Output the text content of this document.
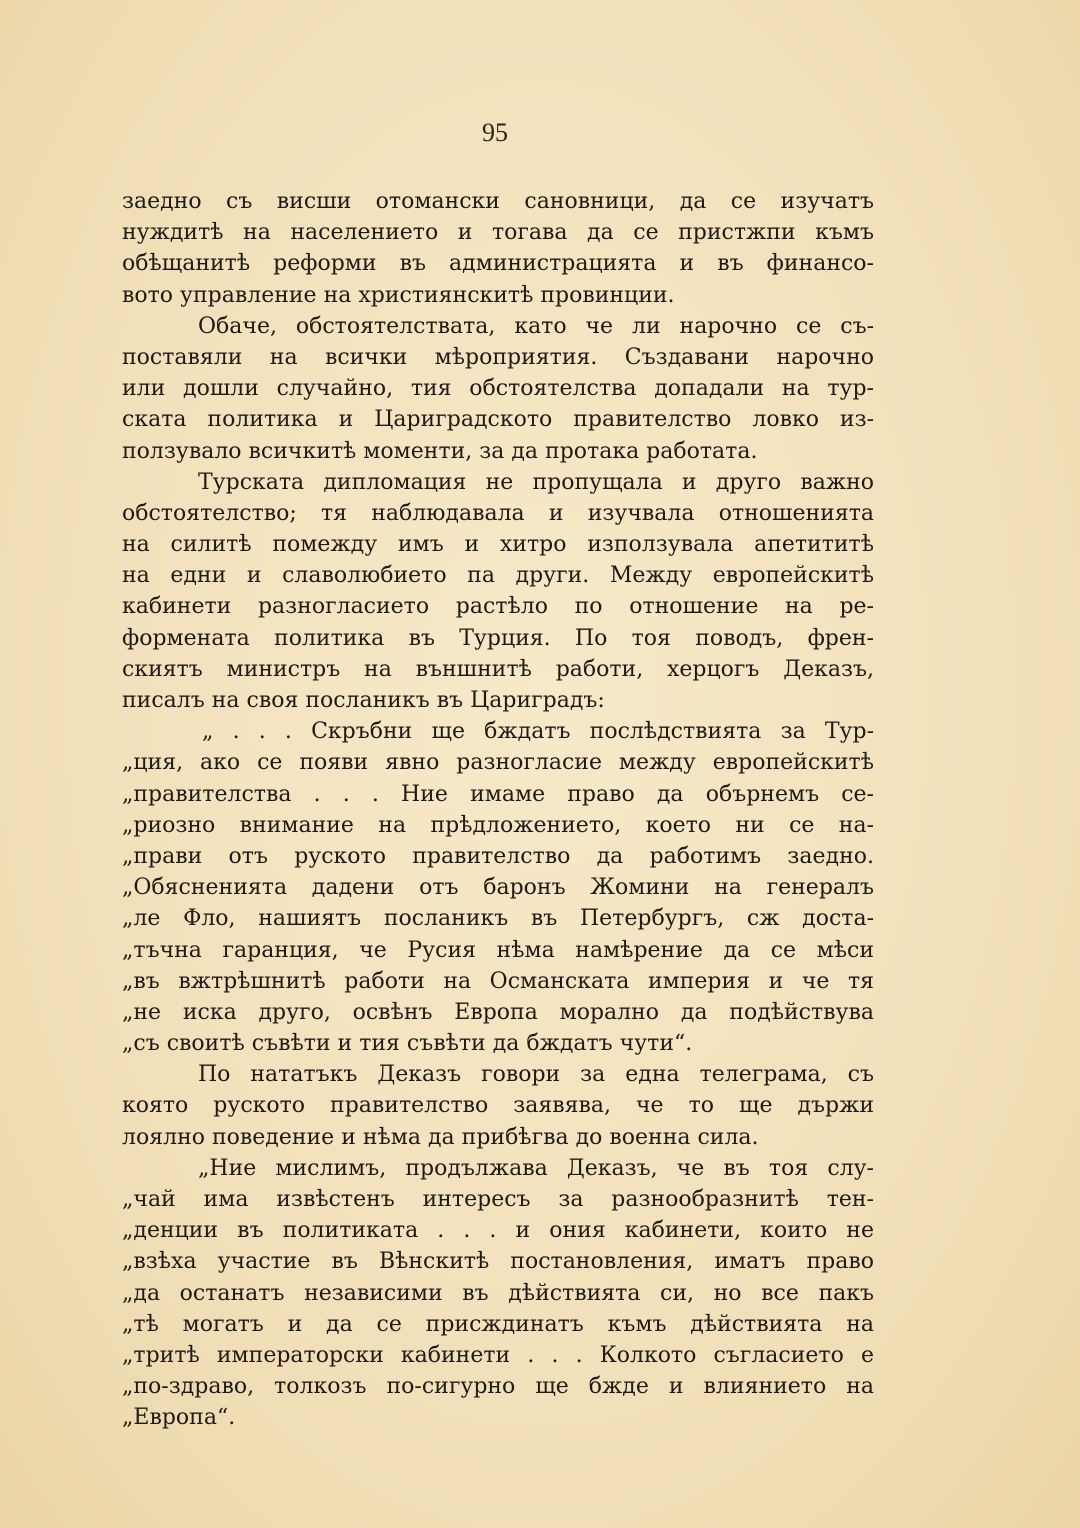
95
заедно съ висши отомански сановници, да се изучатъ
нуждитѣ на населението и тогава да се пристжпи къмъ
обѣщанитѣ реформи въ администрацията и въ финансо-
вото управление на християнскитѣ провинции.
Обаче, обстоятелствата, като че ли нарочно се съ-
поставяли на всички мѣроприятия. Създавани нарочно
или дошли случайно, тия обстоятелства допадали на тур-
ската политика и Цариградското правителство ловко из-
ползувало всичкитѣ моменти, за да протака работата.
Турската дипломация не пропущала и друго важно
обстоятелство; тя наблюдавала и изучвала отношенията
на силитѣ помежду имъ и хитро използувала апетититѣ
на едни и славолюбието па други. Между европейскитѣ
кабинети разногласието растѣло по отношение на ре-
формената политика въ Турция. По тоя поводъ, френ-
скиятъ министръ на външнитѣ работи, херцогъ Деказъ,
писалъ на своя посланикъ въ Цариградъ:
„ . . . Скръбни ще бждатъ послѣдствията за Тур-
„ция, ако се появи явно разногласие между европейскитѣ
„правителства . . . Ние имаме право да обърнемъ се-
„риозно внимание на прѣдложението, което ни се на-
„прави отъ руското правителство да работимъ заедно.
„Обясненията дадени отъ баронъ Жомини на генералъ
„ле Фло, нашиятъ посланикъ въ Петербургъ, сж доста-
„тъчна гаранция, че Русия нѣма намѣрение да се мѣси
„въ вжтрѣшнитѣ работи на Османската империя и че тя
„не иска друго, освѣнъ Европа морално да подѣйствува
„съ своитѣ съвѣти и тия съвѣти да бждатъ чути“.
По нататъкъ Деказъ говори за една телеграма, съ
която руското правителство заявява, че то ще държи
лоялно поведение и нѣма да прибѣгва до военна сила.
„Ние мислимъ, продължава Деказъ, че въ тоя слу-
„чай има извѣстенъ интересъ за разнообразнитѣ тен-
„денции въ политиката . . . и ония кабинети, които не
„взѣха участие въ Вѣнскитѣ постановления, иматъ право
„да останатъ независими въ дѣйствията си, но все пакъ
„тѣ могатъ и да се присждинатъ къмъ дѣйствията на
„тритѣ императорски кабинети . . . Колкото съгласието е
„по-здраво, толкозъ по-сигурно ще бжде и влиянието на
„Европа“.
